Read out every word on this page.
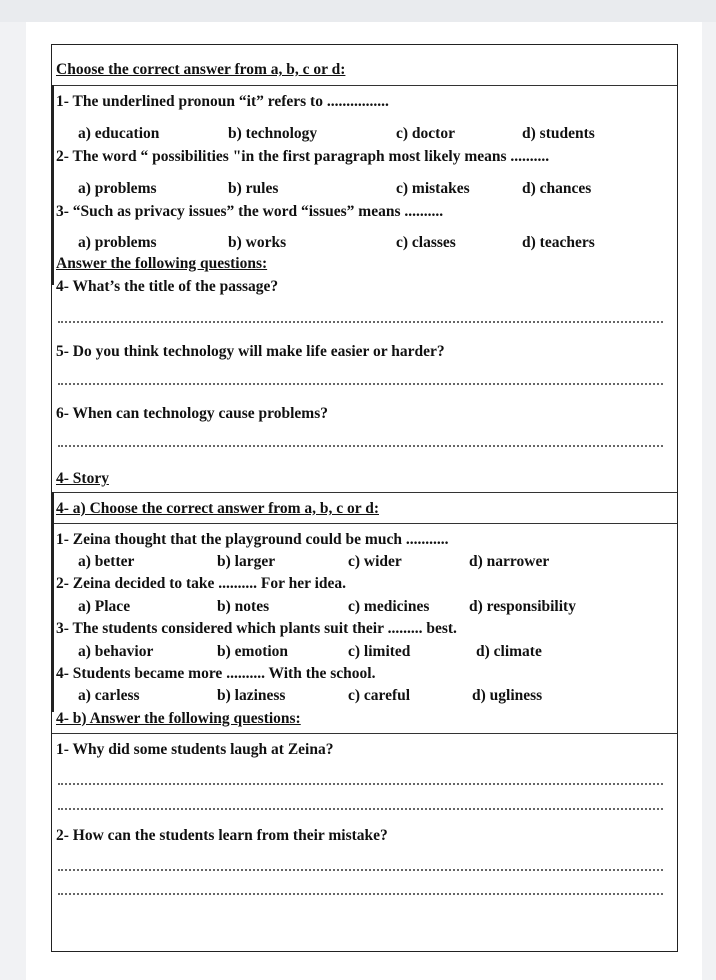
Choose the correct answer from a, b, c or d:
1- The underlined pronoun “it” refers to ................
a) education	b) technology	c) doctor	d) students
2- The word “ possibilities "in the first paragraph most likely means ..........
a) problems	b) rules	c) mistakes	d) chances
3- “Such as privacy issues” the word “issues” means ..........
a) problems	b) works	c) classes	d) teachers
Answer the following questions:
4- What’s the title of the passage?
5- Do you think technology will make life easier or harder?
6- When can technology cause problems?
4- Story
4- a) Choose the correct answer from a, b, c or d:
1- Zeina thought that the playground could be much ...........
a) better	b) larger	c) wider	d) narrower
2- Zeina decided to take .......... For her idea.
a) Place	b) notes	c) medicines	d) responsibility
3- The students considered which plants suit their ......... best.
a) behavior	b) emotion	c) limited	d) climate
4- Students became more .......... With the school.
a) carless	b) laziness	c) careful	d) ugliness
4- b) Answer the following questions:
1- Why did some students laugh at Zeina?
2- How can the students learn from their mistake?
